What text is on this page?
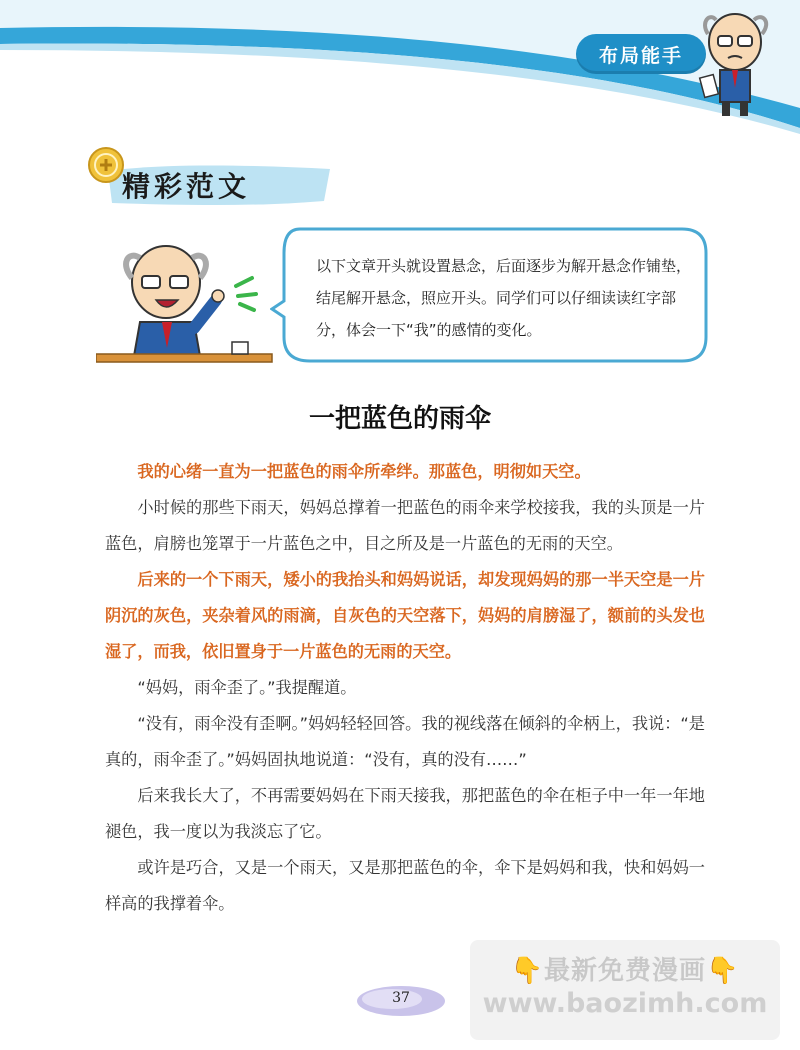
布局能手
精彩范文
以下文章开头就设置悬念，后面逐步为解开悬念作铺垫，结尾解开悬念，照应开头。同学们可以仔细读读红字部分，体会一下“我”的感情的变化。
一把蓝色的雨伞

我的心绪一直为一把蓝色的雨伞所牵绊。那蓝色，明彻如天空。

小时候的那些下雨天，妈妈总撑着一把蓝色的雨伞来学校接我，我的头顶是一片蓝色，肩膀也笼罩于一片蓝色之中，目之所及是一片蓝色的无雨的天空。

后来的一个下雨天，矮小的我抬头和妈妈说话，却发现妈妈的那一半天空是一片阴沉的灰色，夹杂着风的雨滴，自灰色的天空落下，妈妈的肩膀湿了，额前的头发也湿了，而我，依旧置身于一片蓝色的无雨的天空。

“妈妈，雨伞歪了。”我提醒道。

“没有，雨伞没有歪啊。”妈妈轻轻回答。我的视线落在倾斜的伞柄上，我说：“是真的，雨伞歪了。”妈妈固执地说道：“没有，真的没有……”

后来我长大了，不再需要妈妈在下雨天接我，那把蓝色的伞在柜子中一年一年地褪色，我一度以为我淡忘了它。

或许是巧合，又是一个雨天，又是那把蓝色的伞，伞下是妈妈和我，快和妈妈一样高的我撑着伞。

37
👇最新免费漫画👇
www.baozimh.com
